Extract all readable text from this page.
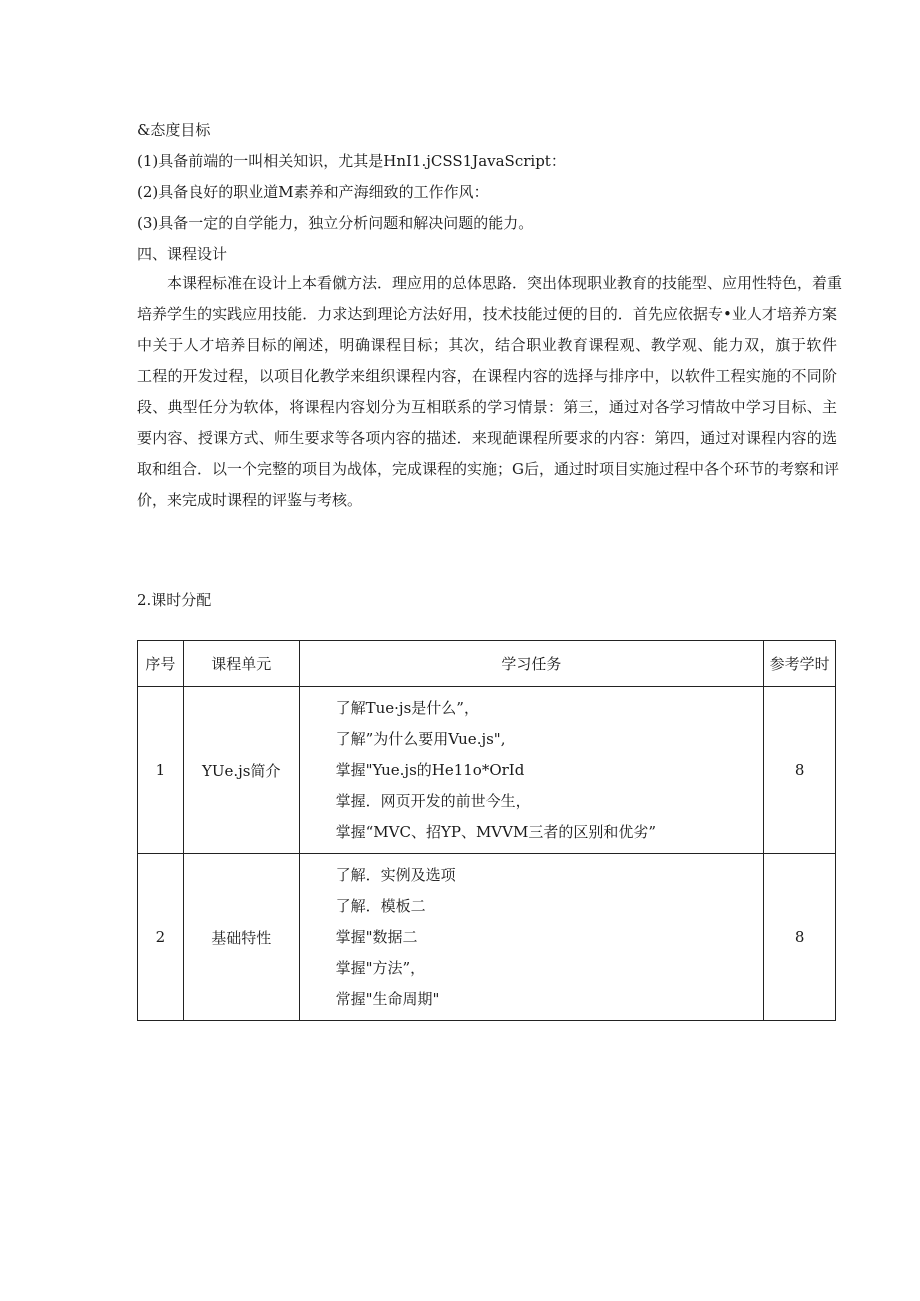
&态度目标
(1)具备前端的一叫相关知识，尤其是HnI1.jCSS1JavaScript：
(2)具备良好的职业道M素养和产海细致的工作作风：
(3)具备一定的自学能力，独立分析问题和解决问题的能力。
四、课程设计
本课程标准在设计上本看僦方法．理应用的总体思路．突出体现职业教育的技能型、应用性特色，着重
培养学生的实践应用技能．力求达到理论方法好用，技术技能过便的目的．首先应依据专•业人才培养方案
中关于人才培养目标的阐述，明确课程目标；其次，结合职业教育课程观、教学观、能力双，旗于软件
工程的开发过程，以项目化教学来组织课程内容，在课程内容的选择与排序中，以软件工程实施的不同阶
段、典型任分为软体，将课程内容划分为互相联系的学习情景：第三，通过对各学习情故中学习目标、主
要内容、授课方式、师生要求等各项内容的描述．来现葩课程所要求的内容：第四，通过对课程内容的选
取和组合．以一个完整的项目为战体，完成课程的实施；G后，通过时项目实施过程中各个环节的考察和评
价，来完成时课程的评鉴与考核。
2.课时分配
序号	课程单元	学习任务	参考学时
1	YUe.js简介	了解Tue·js是什么”，
了解”为什么要用Vue.js",
掌握"Yue.js的He11o*OrId
掌握．网页开发的前世今生，
掌握“MVC、招YP、MVVM三者的区别和优劣”	8
2	基础特性	了解．实例及选项
了解．模板二
掌握"数据二
掌握"方法”，
常握"生命周期"	8
